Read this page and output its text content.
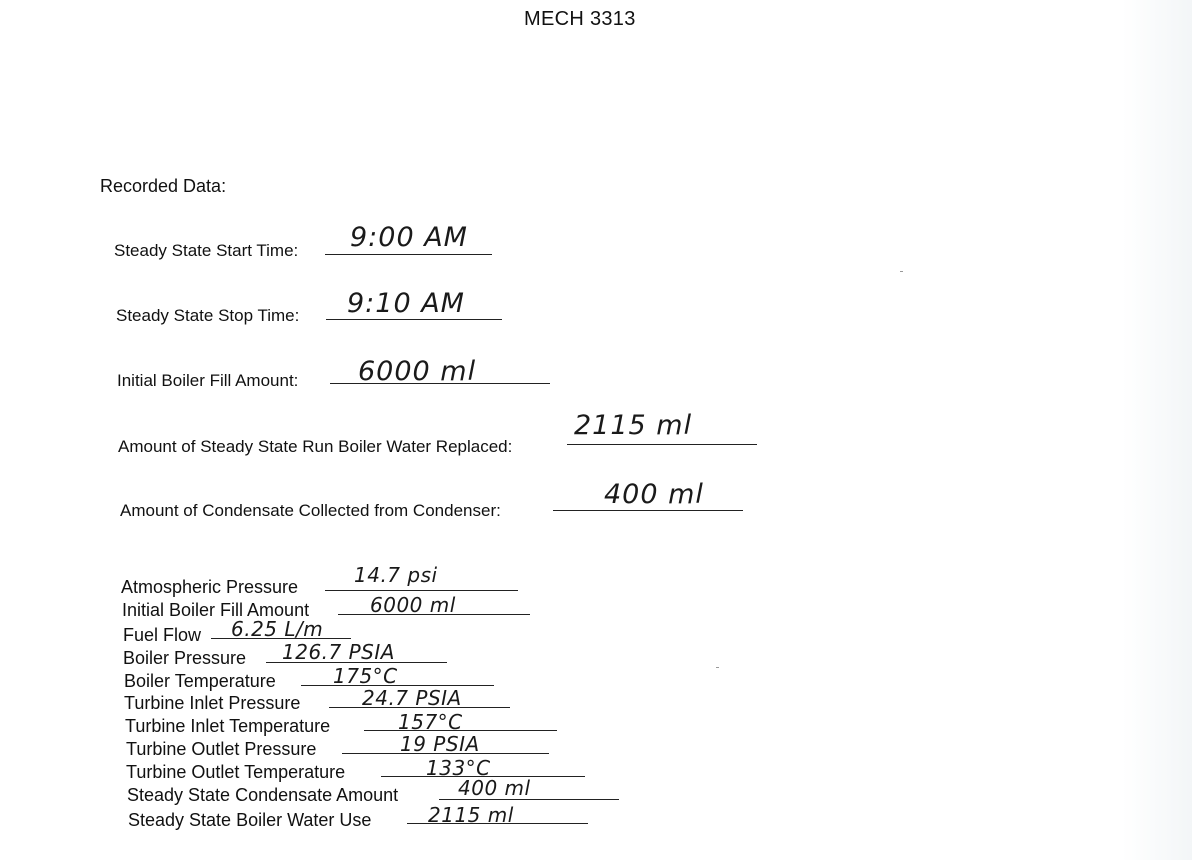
MECH 3313
Recorded Data:
Steady State Start Time: 9:00 AM
Steady State Stop Time: 9:10 AM
Initial Boiler Fill Amount: 6000 ml
Amount of Steady State Run Boiler Water Replaced:
2115 ml
Amount of Condensate Collected from Condenser:
400 ml
Atmospheric Pressure	14.7 psi
Initial Boiler Fill Amount	6000 ml
Fuel Flow 6.25 L/m
Boiler Pressure 126.7 PSIA
Boiler Temperature	175°C
Turbine Inlet Pressure	24.7 PSIA
Turbine Inlet Temperature	157°C
Turbine Outlet Pressure	19 PSIA
Turbine Outlet Temperature	133°C
Steady State Condensate Amount	400 ml
Steady State Boiler Water Use	2115 ml
